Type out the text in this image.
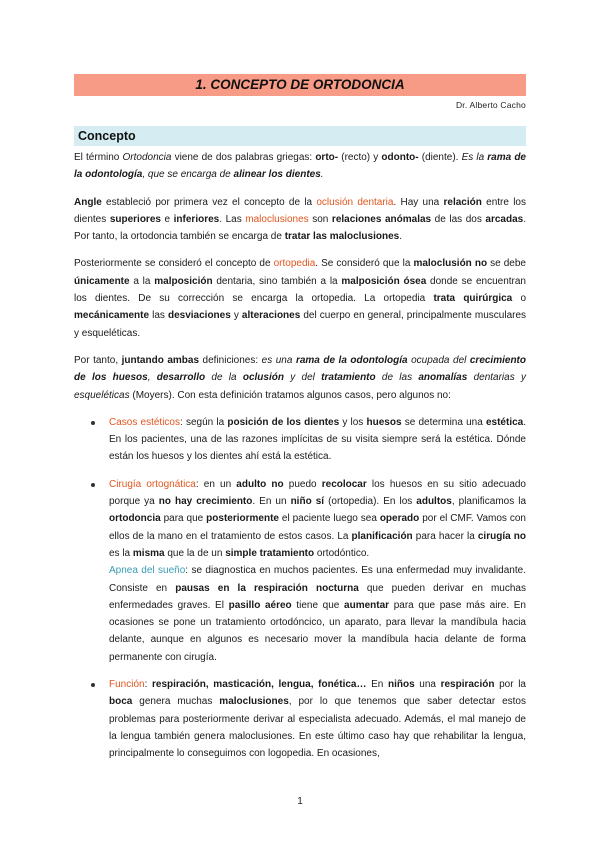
1. CONCEPTO DE ORTODONCIA
Dr. Alberto Cacho
Concepto

El término Ortodoncia viene de dos palabras griegas: orto- (recto) y odonto- (diente). Es la rama de la odontología, que se encarga de alinear los dientes.

Angle estableció por primera vez el concepto de la oclusión dentaria. Hay una relación entre los dientes superiores e inferiores. Las maloclusiones son relaciones anómalas de las dos arcadas. Por tanto, la ortodoncia también se encarga de tratar las maloclusiones.

Posteriormente se consideró el concepto de ortopedia. Se consideró que la maloclusión no se debe únicamente a la malposición dentaria, sino también a la malposición ósea donde se encuentran los dientes. De su corrección se encarga la ortopedia. La ortopedia trata quirúrgica o mecánicamente las desviaciones y alteraciones del cuerpo en general, principalmente musculares y esqueléticas.

Por tanto, juntando ambas definiciones: es una rama de la odontología ocupada del crecimiento de los huesos, desarrollo de la oclusión y del tratamiento de las anomalías dentarias y esqueléticas (Moyers). Con esta definición tratamos algunos casos, pero algunos no:

Casos estéticos: según la posición de los dientes y los huesos se determina una estética. En los pacientes, una de las razones implícitas de su visita siempre será la estética. Dónde están los huesos y los dientes ahí está la estética.
Cirugía ortognática: en un adulto no puedo recolocar los huesos en su sitio adecuado porque ya no hay crecimiento. En un niño sí (ortopedia). En los adultos, planificamos la ortodoncia para que posteriormente el paciente luego sea operado por el CMF. Vamos con ellos de la mano en el tratamiento de estos casos. La planificación para hacer la cirugía no es la misma que la de un simple tratamiento ortodóntico.
Apnea del sueño: se diagnostica en muchos pacientes. Es una enfermedad muy invalidante. Consiste en pausas en la respiración nocturna que pueden derivar en muchas enfermedades graves. El pasillo aéreo tiene que aumentar para que pase más aire. En ocasiones se pone un tratamiento ortodóncico, un aparato, para llevar la mandíbula hacia delante, aunque en algunos es necesario mover la mandíbula hacia delante de forma permanente con cirugía.
Función: respiración, masticación, lengua, fonética… En niños una respiración por la boca genera muchas maloclusiones, por lo que tenemos que saber detectar estos problemas para posteriormente derivar al especialista adecuado. Además, el mal manejo de la lengua también genera maloclusiones. En este último caso hay que rehabilitar la lengua, principalmente lo conseguimos con logopedia. En ocasiones,
1
